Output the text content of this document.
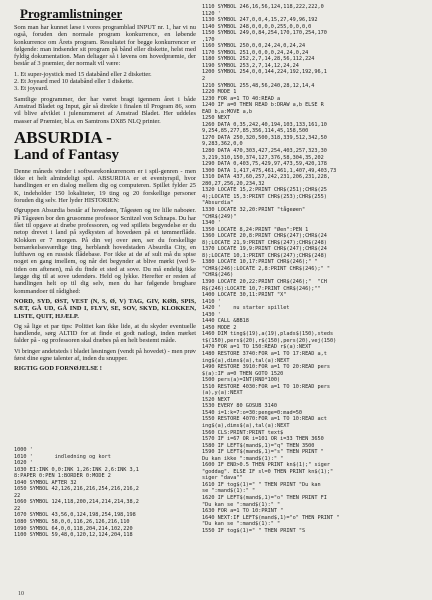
Programlistninger

Som man har kunnet læse i vores programblad INPUT nr. 1, har vi nu også, foruden den normale program konkurrence, en løbende konkurrence om Årets program. Resultatet for begge konkurrencer er følgende: man indsender sit program på bånd eller diskette, helst med fyldig dokumentation. Man deltager så i løvens om hovedpræmie, der består af 3 præmier, der normalt vil være:

1. Et super-joystick med 15 databånd eller 2 disketter.
2. Et Joyeard med 10 databånd eller 1 diskette.
3. Et joyeard.

Samtlige programmer, der har været bragt igennem året i både Amstrad Bladet og Input, går så direkte i finalen til Program 86, som vil blive afviklet i julenummeret af Amstrad Bladet. Her uddeles masser af Præmier, bl.a. en Samtrons DX85 NLQ printer.

ABSURDIA -
Land of Fantasy

Denne måneds vinder i softwarekonkurrencen er i spil-genren - men ikke et helt almindeligt spil. ABSURDIA er et eventyrspil, hvor handlingen er en dialog mellem dig og computeren. Spillet fylder 25 K, indeholder 150 lokaliteter, 19 ting og 20 forskellige personer foruden dig selv. Her lyder HISTORIEN:

Øgruppen Absurdia består af hovedøen, Tågeøen og tre lille naboøer. På Tågeøen bor den grusomme professor Scnitzel von Schnaps. Du har fået til opgave at dræbe professoren, og ved spillets begyndelse er du netop drevet i land på sydkysten af hovedøen på et tømmerflåde. Klokken er 7 morgen. På din vej over øen, ser du forskellige bemærkelsesværdige ting, herblandt hovedstaden Absurdia City, en lufthavn og en russisk flådebase. For ikke at dø af sult må du spise noget en gang imellem, og når det begynder at blive mørkt (ved 9-tiden om aftenen), må du finde et sted at sove. Du må endelig ikke lægge dig til at sove udendørs. Held og lykke. Herefter er resten af handlingen helt op til dig selv, men du har følgende brugbare kommandoer til rådighed:

NORD, SYD, ØST, VEST (N, S, Ø, V) TAG, GIV, KØB, SPIS, SÆT, GÅ UD, GÅ IND I, FLYV, SE, SOV, SKYD, KLOKKEN, LISTE, QUIT, HJÆLP.

Og så lige et par tips: Politiet kan ikke lide, at du skyder eventuelle handlende, sørg ALTID for at finde et godt natlogi, inden mørket falder på - og professoren skal dræbes på en helt bestemt måde.

Vi bringer andetsteds i bladet løsningen (vendt på hovedet) - men prøv først dine egne talenter af, inden du snupper.

RIGTIG GOD FORNØJELSE !

1000 '
1010 '       indledning og kort
1020 '
1030 EI:INK 0,0:INK 1,26:INK 2,6:INK 3,1
8:PAPER 0:PEN 1:BORDER 0:MODE 2
1040 SYMBOL AFTER 32
1050 SYMBOL 42,126,216,216,254,216,216,2
22
1060 SYMBOL 124,118,200,214,214,214,38,2
22
1070 SYMBOL 43,56,0,124,198,254,198,198
1080 SYMBOL 58,0,0,116,26,126,216,110
1090 SYMBOL 64,0,0,118,204,214,102,220
1100 SYMBOL 59,48,0,120,12,124,204,118
1110 SYMBOL 246,16,56,124,118,222,222,0
1120 '
1130 SYMBOL 247,0,0,4,15,27,49,96,192
1140 SYMBOL 248,0,0,0,0,255,0,0,0,0
1150 SYMBOL 249,0,84,254,170,170,254,170
,170
1160 SYMBOL 250,0,0,24,24,0,24,24
1170 SYMBOL 251,0,0,0,0,24,24,0,24
1180 SYMBOL 252,2,7,14,28,56,112,224
1190 SYMBOL 253,2,7,14,12,24,24
1200 SYMBOL 254,0,0,144,224,192,192,96,1
2
1210 SYMBOL 255,48,56,240,28,12,14,4
1220 MODE 1
1230 FOR a=1 TO 40:READ a
1240 IF a=0 THEN READ b:DRAW a,b ELSE R
EAD b,a:MOVE a,b
1250 NEXT
1260 DATA 0,35,242,40,194,103,133,161,10
9,254,85,277,85,356,114,45,158,500
1270 DATA 250,320,500,318,339,512,342,50
9,283,362,0,0
1280 DATA 470,303,427,254,403,257,323,30
3,219,310,150,374,127,376,58,304,35,202
1290 DATA 0,403,75,429,97,473,59,420,178
1300 DATA 1,417,475,461,461,1,407,49,403,73
1310 DATA 437,60,257,242,231,206,231,228,
280,27,256,20,234,32
1320 LOCATE 15,2:PRINT CHR$(251);CHR$(25
4);LOCATE 15,3:PRINT CHR$(253);CHR$(255)
"Absurdia"
1330 LOCATE 32,20:PRINT "tågeøen"
"CHR$(249)"
1340 '
1350 LOCATE 8,24:PRINT "Øen":PEN 1
1360 LOCATE 20,8:PRINT CHR$(247);CHR$(24
8);LOCATE 21,9:PRINT CHR$(247);CHR$(248)
1370 LOCATE 19,9:PRINT CHR$(247);CHR$(24
8);LOCATE 10,1:PRINT CHR$(247);CHR$(248)
1380 LOCATE 10,17:PRINT CHR$(246);" "
"CHR$(246):LOCATE 2,8:PRINT CHR$(246);" "
"CHR$(246)
1390 LOCATE 20,22:PRINT CHR$(246);"  "CH
R$(246):LOCATE 10,7:PRINT CHR$(246);""
1400 LOCATE 30,11:PRINT "X"
1410 '
1420 '    nu starter spillet
1430 '
1440 CALL &BB18
1450 MODE 2
1460 DIM ting$(19),a(19),plads$(150),steds
t$(150),pers$(20),r$(150),pers(20),vej(150)
1470 FOR a=1 TO 150:READ r$(a):NEXT
1480 RESTORE 3740:FOR a=1 TO 17:READ a,t
ing$(a),dims$(a),tal(a):NEXT
1490 RESTORE 3910:FOR a=1 TO 20:READ pers
$(a):IF a=0 THEN GOTO 1520
1500 pers(a)=INT(RND*100)
1510 RESTORE 4030:FOR a=1 TO 10:READ pers
(a),y(a):NEXT
1520 NEXT
1530 EVERY 80 GOSUB 3140
1540 i=1:k=7:o=30:penge=0:mad=50
1550 RESTORE 4070:FOR a=1 TO 10:READ act
ing$(a),dims$(a),tal(a):NEXT
1560 CLS:PRINT:PRINT text$
1570 IF i=67 OR i=101 OR i=33 THEN 3650
1580 IF LEFT$(mand$,1)="q" THEN 3500
1590 IF LEFT$(mand$,1)="s" THEN PRINT "
Du kan ikke ":mand$(1):" "
1600 IF END>0.5 THEN PRINT kn$(1);" siger
"goddag". ELSE IF sl=0 THEN PRINT kn$(1);"
siger "dava""
1610 IF tog$(1)=" " THEN PRINT "Du kan
se ":mand$(1):" "
1620 IF LEFT$(mand$,1)="o" THEN PRINT FI
"Du kan se ":mand$(1):" "
1630 FOR a=1 TO 10:PRINT "
1640 NEXT:IF LEFT$(mand$,1)="o" THEN PRINT "
"Du kan se ":mand$(1):" "
1550 IF tog$(1)=" " THEN PRINT "S
10
